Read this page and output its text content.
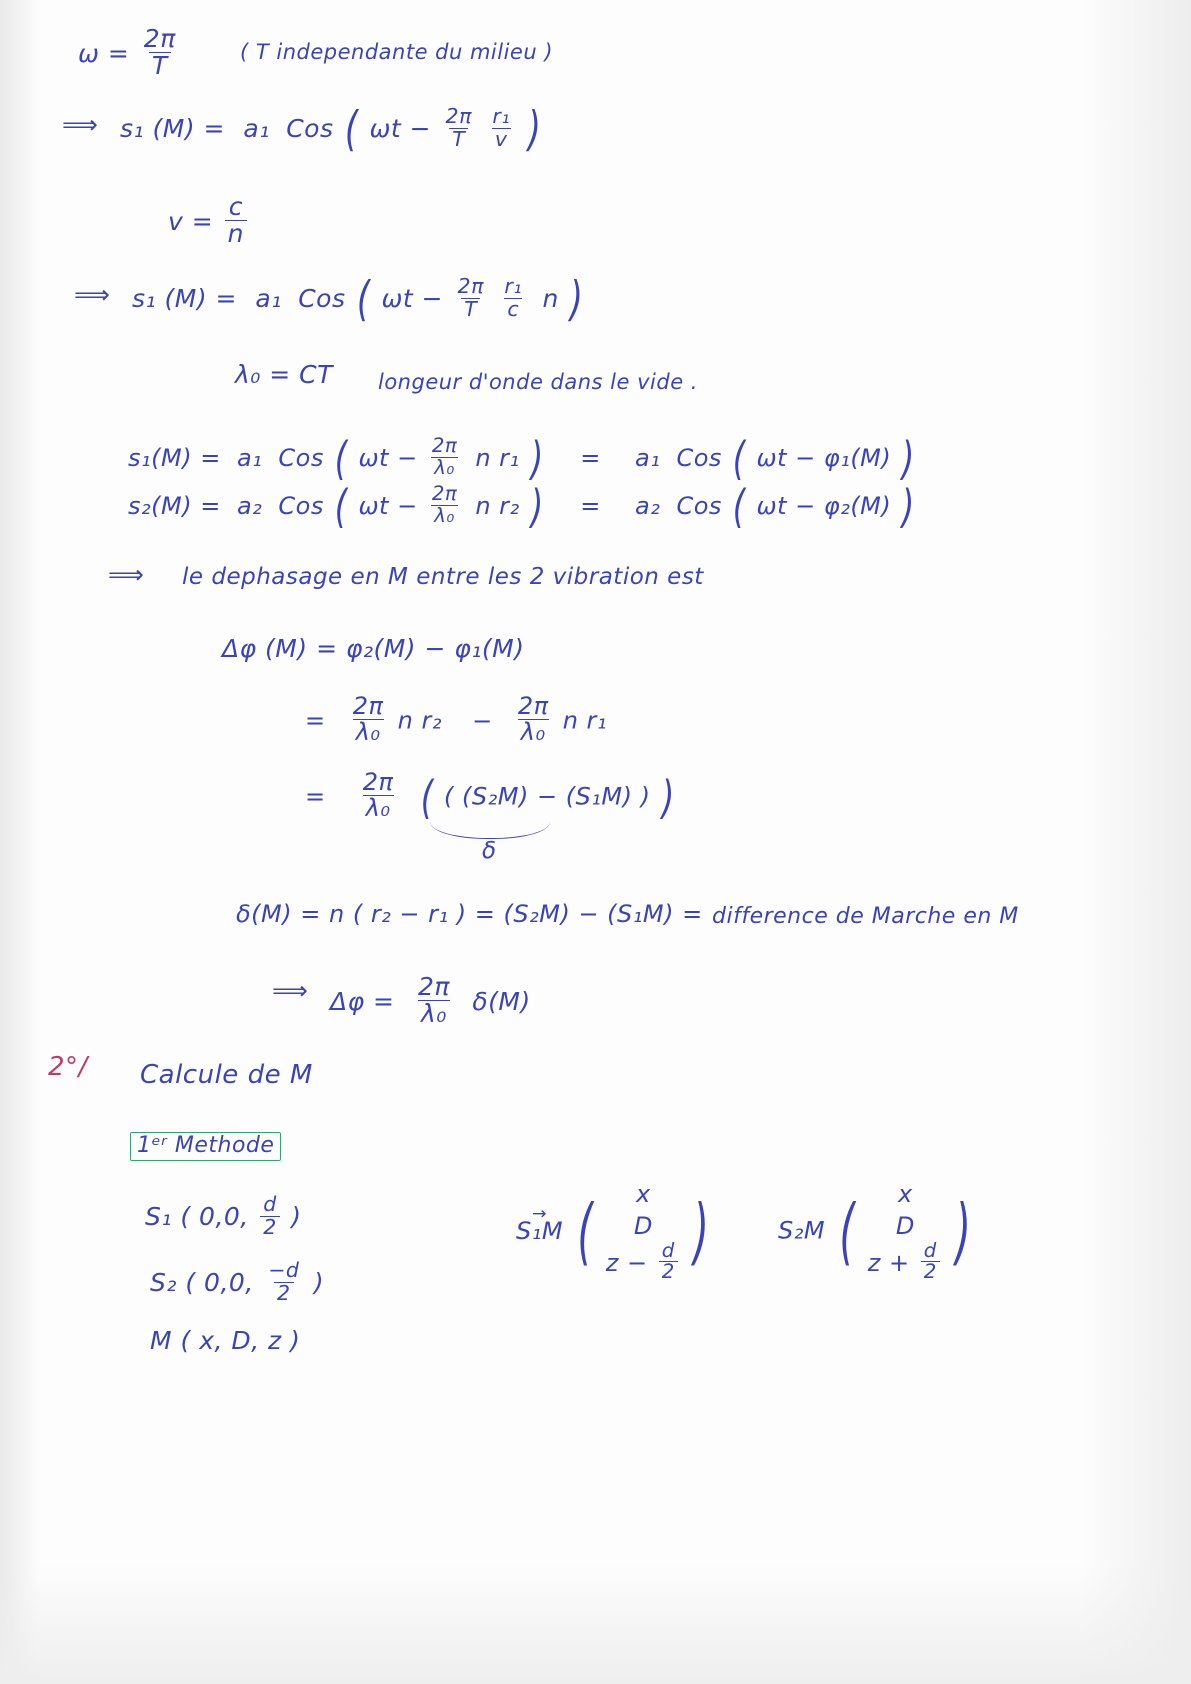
$\omega = \frac{2\pi}{T}$	( T independante du milieu )
⟹ s₁ (M) = a₁ Cos ( $\omega t - \frac{2\pi}{T}$
$\frac{\text{r₁}}{v}$ )
$v = \frac{c}{n}$
⟹ s₁ (M) = a₁ Cos ( $\omega t - \frac{2\pi}{T}$
$\frac{\text{r₁}}{c}$ n )
λ₀ = CT longeur d'onde dans le vide .
s₁(M) = a₁ Cos ( $\omega t - \frac{2\pi}{\text{λ₀}}$ n r₁ ) = a₁ Cos ( ωt − φ₁(M) )
s₂(M) = a₂ Cos ( $\omega t - \frac{2\pi}{\text{λ₀}}$ n r₂ ) = a₂ Cos ( ωt − φ₂(M) )
⟹ le dephasage en M entre les 2 vibration est
Δφ (M) = φ₂(M) − φ₁(M)
= $\frac{2\pi}{\text{λ₀}}$ n $r_2 - \frac{2\pi}{\text{λ₀}}$ n r₁
= $\frac{2\pi}{\text{λ₀}}$ ( ( (S₂M) − (S₁M) ) )
δ
δ(M) = n ( r₂ − r₁ ) = (S₂M) − (S₁M) = difference de Marche en M
⟹ $\Delta\varphi = \frac{2\pi}{\text{λ₀}} \delta(M)$
2°/ Calcule de M
1ᵉʳ Methode
S₁ ( 0,0, $\frac{d}{2}$ )
S₂ ( 0,0, $\frac{-d}{2}$ )
M ( x, D, z )
S₁M → ( x
D
$z - \frac{d}{2}$ )	S₂M ( x
D
$z + \frac{d}{2}$ )
